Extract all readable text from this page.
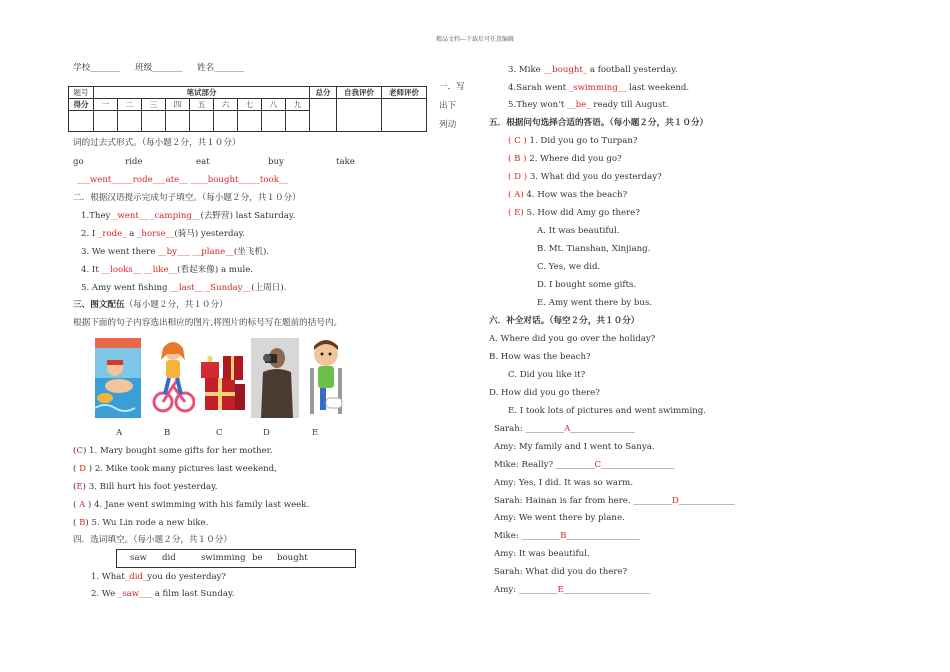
精品文档---下载后可任意编辑
学校_______ 班级_______ 姓名_______
题号	笔试部分									总分	自我评价	老师评价
得分	一	二	三	四	五	六	七	八	九			

一．写
出下
列动
词的过去式形式。（每小题２分，共１０分）
go	ride	eat	buy	take
___went_____rode___ate__ ____bought_____took__
二．根据汉语提示完成句子填空。（每小题２分，共１０分）
1.They _went__ _camping__(去野营) last Saturday.
2. I _rode_ a _horse__(骑马) yesterday.
3. We went there __by___ __plane__(坐飞机).
4. It __looks__ __like__(看起来像) a mule.
5. Amy went fishing __last__ _Sunday__(上周日).
三、图文配伍（每小题２分，共１０分）
根据下面的句子内容选出相应的图片,将图片的标号写在题前的括号内。
A	B	C	D	E
(C) 1. Mary bought some gifts for her mother.
( D ) 2. Mike took many pictures last weekend,
(E) 3. Bill hurt his foot yesterday.
( A ) 4. Jane went swimming with his family last week.
( B) 5. Wu Lin rode a new bike.
四．选词填空。（每小题２分，共１０分）
saw did	swimming be bought
1. What_did_you do yesterday?
2. We _saw___ a film last Sunday.
3. Mike __bought_ a football yesterday.
4.Sarah went _swimming__ last weekend.
5.They won’t __be_ ready till August.
五．根据问句选择合适的答语。（每小题２分，共１０分）
( C ) 1. Did you go to Turpan?
( B ) 2. Where did you go?
( D ) 3. What did you do yesterday?
( A) 4. How was the beach?
( E) 5. How did Amy go there?
A. It was beautiful.
B. Mt. Tianshan, Xinjiang.
C. Yes, we did.
D. I bought some gifts.
E. Amy went there by bus.
六．补全对话。（每空２分，共１０分）
A. Where did you go over the holiday?
B. How was the beach?
C. Did you like it?
D. How did you go there?
E. I took lots of pictures and went swimming.
Sarah: _________A_______________
Amy: My family and I went to Sanya.
Mike: Really? _________C_________________
Amy: Yes, I did. It was so warm.
Sarah: Hainan is far from here. _________D_____________
Amy: We went there by plane.
Mike: _________B_________________
Amy: It was beautiful.
Sarah: What did you do there?
Amy: _________E____________________
